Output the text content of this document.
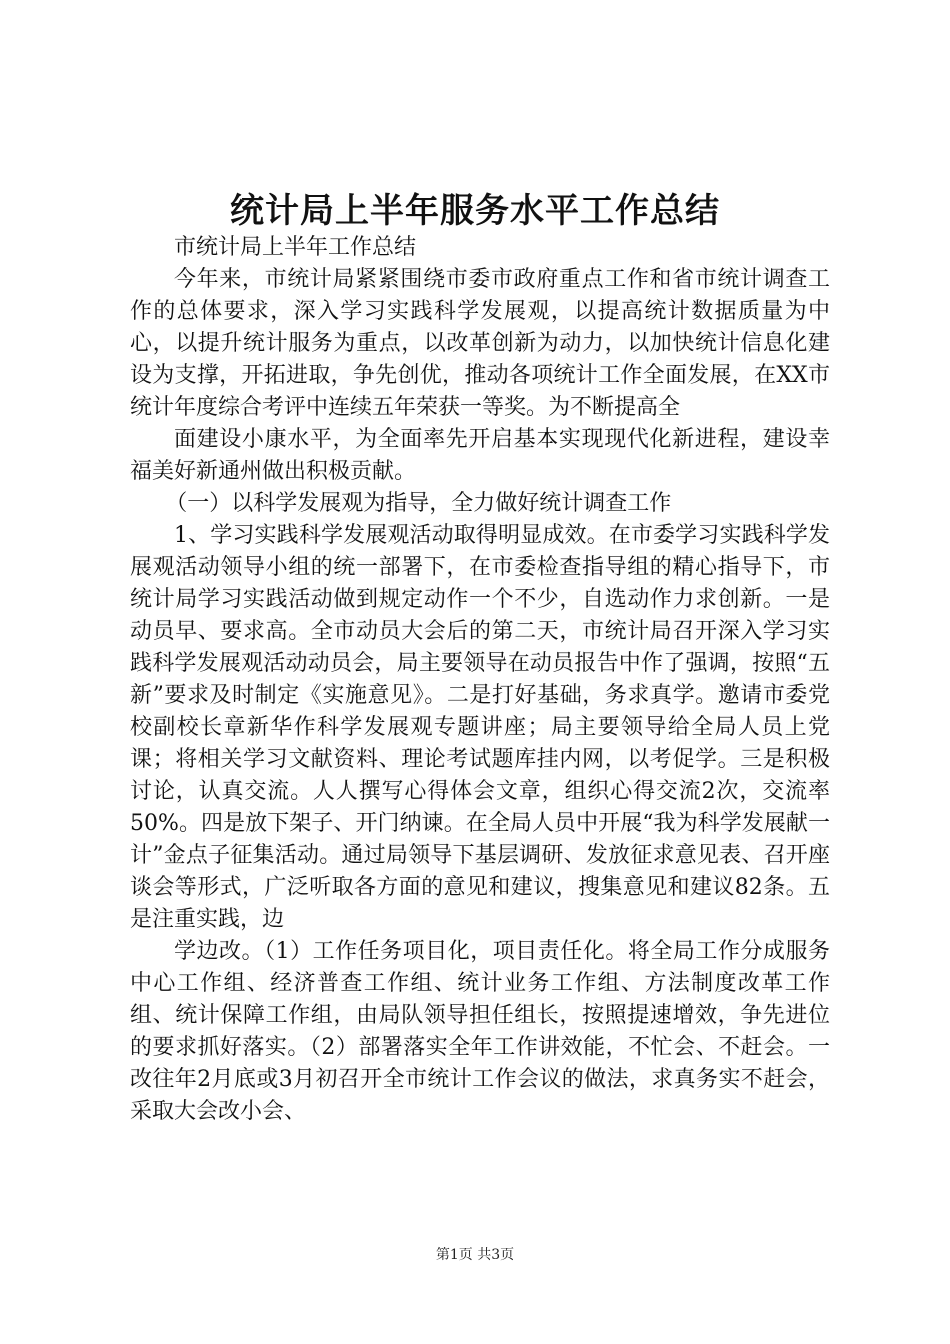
统计局上半年服务水平工作总结

市统计局上半年工作总结

今年来，市统计局紧紧围绕市委市政府重点工作和省市统计调查工作的总体要求，深入学习实践科学发展观，以提高统计数据质量为中心，以提升统计服务为重点，以改革创新为动力，以加快统计信息化建设为支撑，开拓进取，争先创优，推动各项统计工作全面发展，在XX市统计年度综合考评中连续五年荣获一等奖。为不断提高全

面建设小康水平，为全面率先开启基本实现现代化新进程，建设幸福美好新通州做出积极贡献。

（一）以科学发展观为指导，全力做好统计调查工作

1、学习实践科学发展观活动取得明显成效。在市委学习实践科学发展观活动领导小组的统一部署下，在市委检查指导组的精心指导下，市统计局学习实践活动做到规定动作一个不少，自选动作力求创新。一是动员早、要求高。全市动员大会后的第二天，市统计局召开深入学习实践科学发展观活动动员会，局主要领导在动员报告中作了强调，按照“五新”要求及时制定《实施意见》。二是打好基础，务求真学。邀请市委党校副校长章新华作科学发展观专题讲座；局主要领导给全局人员上党课；将相关学习文献资料、理论考试题库挂内网，以考促学。三是积极讨论，认真交流。人人撰写心得体会文章，组织心得交流2次，交流率50%。四是放下架子、开门纳谏。在全局人员中开展“我为科学发展献一计”金点子征集活动。通过局领导下基层调研、发放征求意见表、召开座谈会等形式，广泛听取各方面的意见和建议，搜集意见和建议82条。五是注重实践，边

学边改。（1）工作任务项目化，项目责任化。将全局工作分成服务中心工作组、经济普查工作组、统计业务工作组、方法制度改革工作组、统计保障工作组，由局队领导担任组长，按照提速增效，争先进位的要求抓好落实。（2）部署落实全年工作讲效能，不忙会、不赶会。一改往年2月底或3月初召开全市统计工作会议的做法，求真务实不赶会，采取大会改小会、

第1页 共3页
